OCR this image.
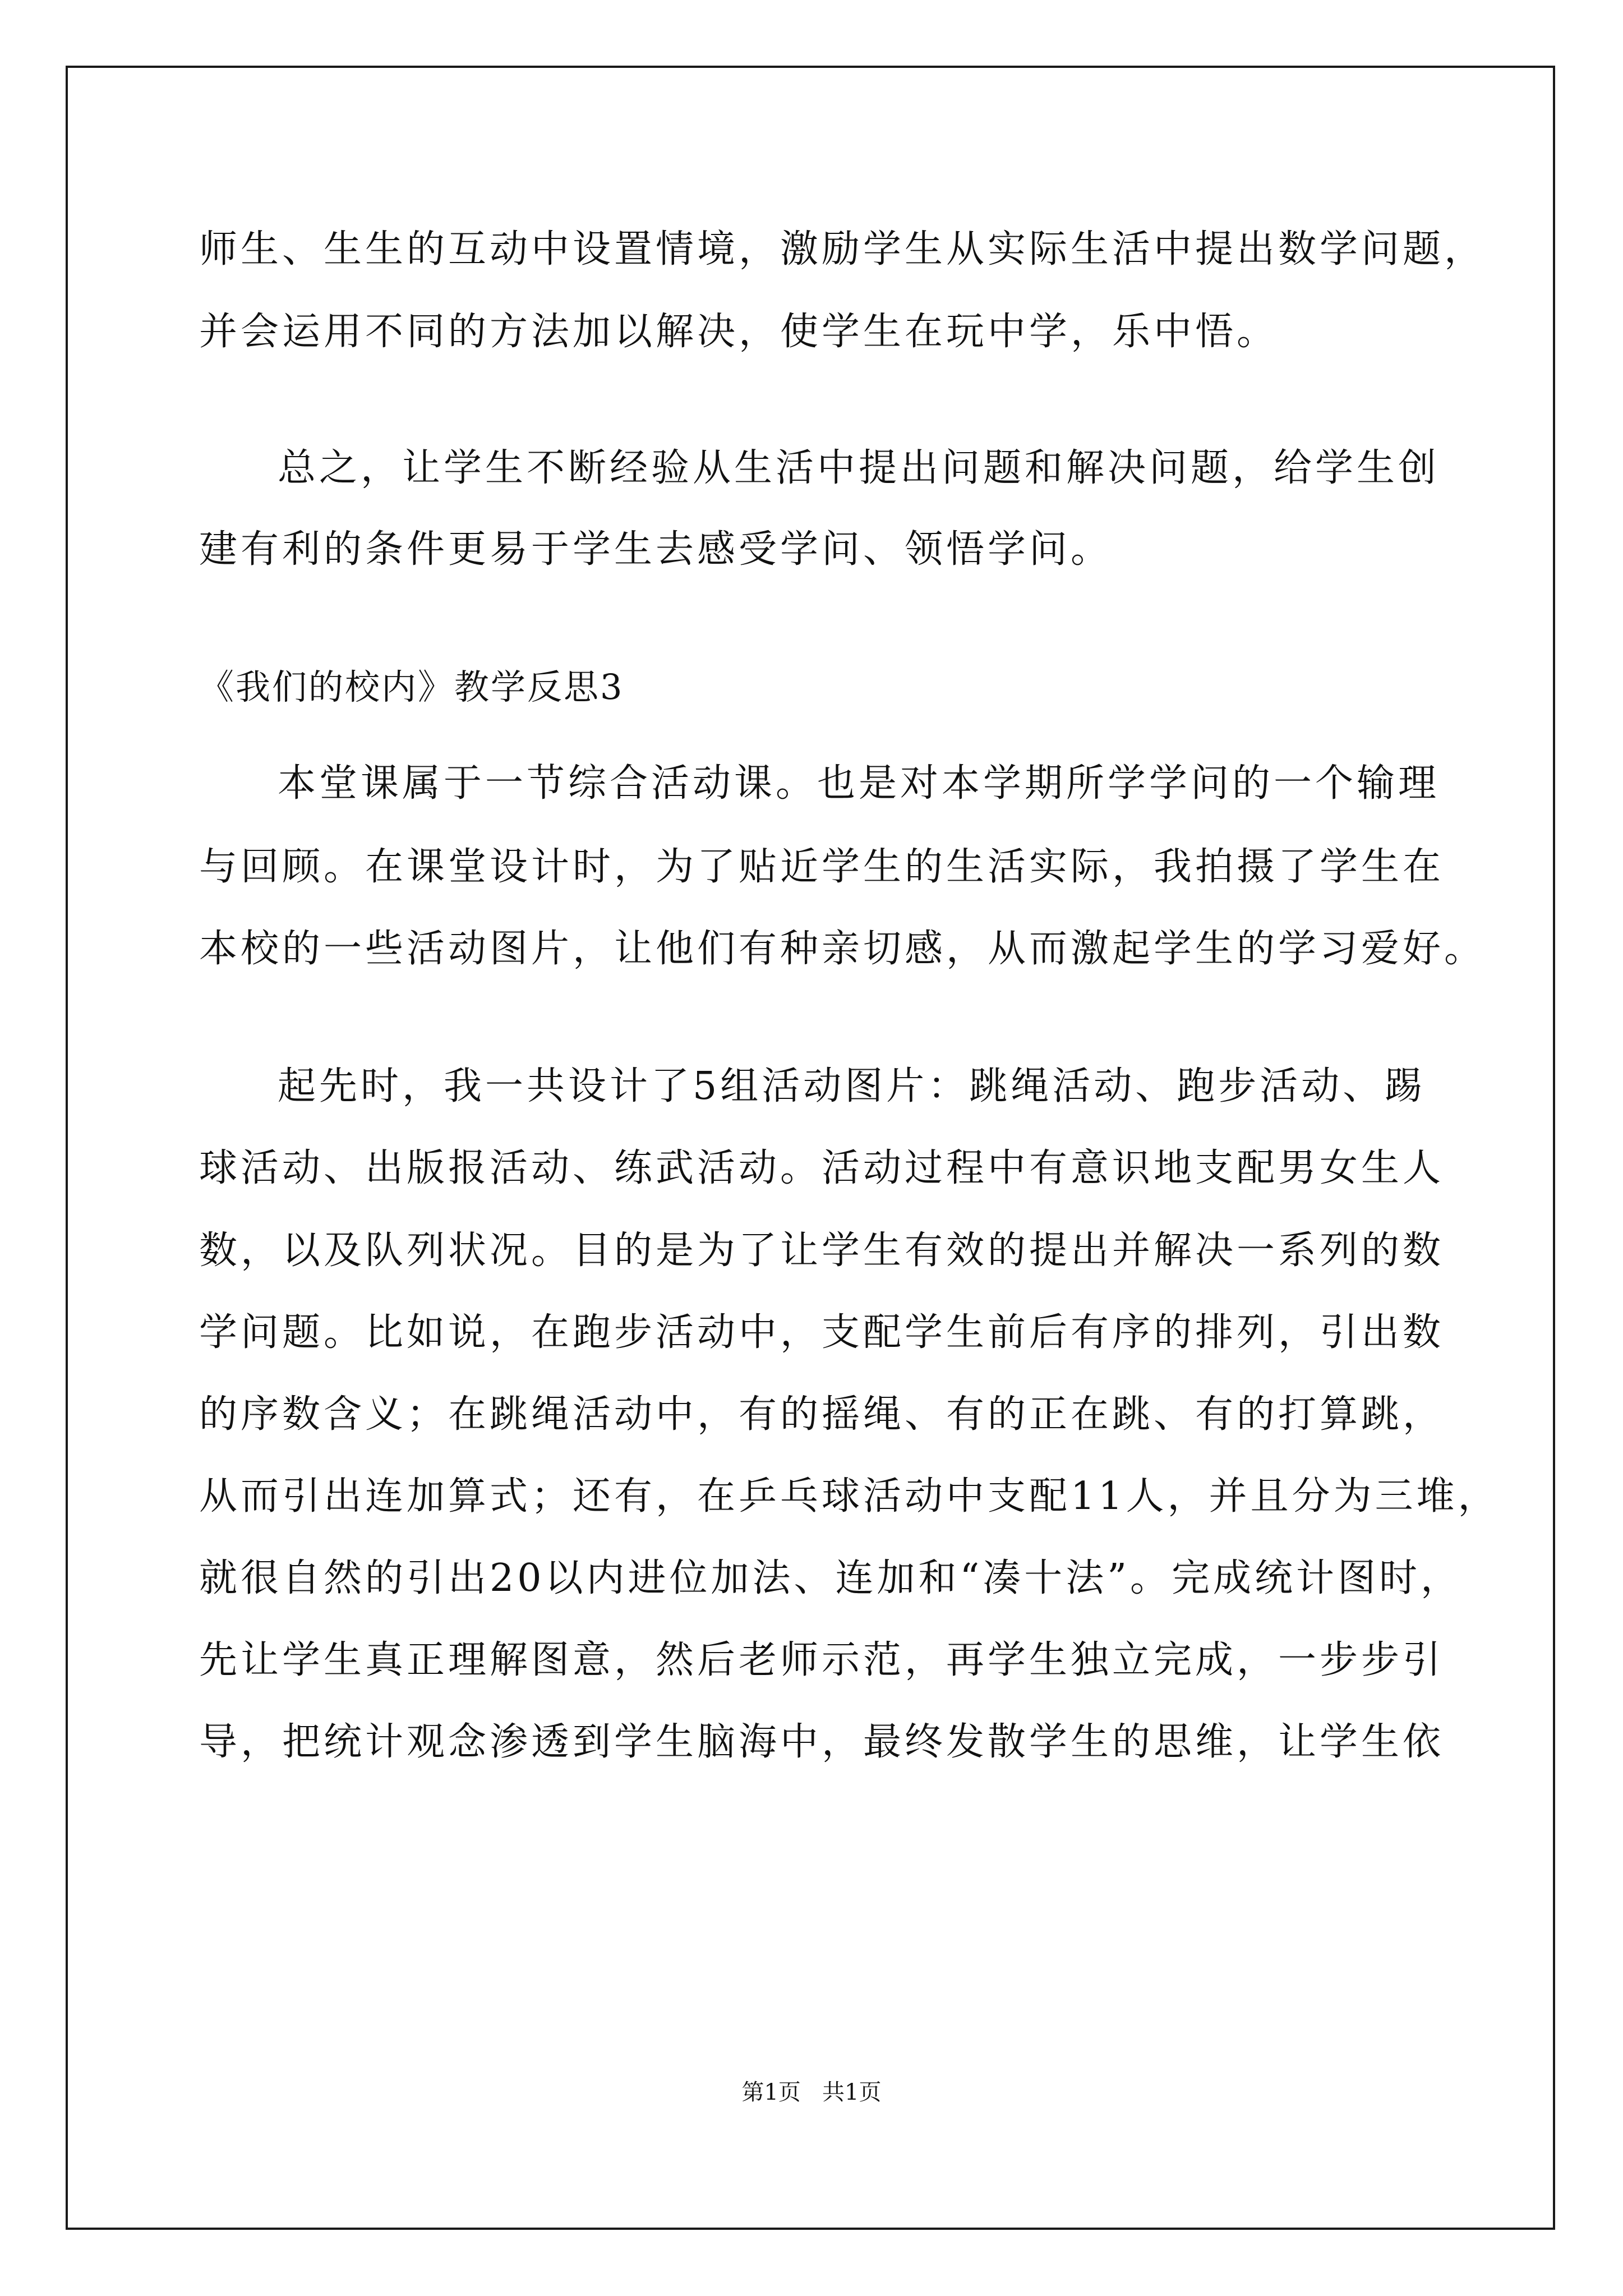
师生、生生的互动中设置情境，激励学生从实际生活中提出数学问题，
并会运用不同的方法加以解决，使学生在玩中学，乐中悟。
总之，让学生不断经验从生活中提出问题和解决问题，给学生创
建有利的条件更易于学生去感受学问、领悟学问。
《我们的校内》教学反思3
本堂课属于一节综合活动课。也是对本学期所学学问的一个输理
与回顾。在课堂设计时，为了贴近学生的生活实际，我拍摄了学生在
本校的一些活动图片，让他们有种亲切感，从而激起学生的学习爱好。
起先时，我一共设计了5组活动图片：跳绳活动、跑步活动、踢
球活动、出版报活动、练武活动。活动过程中有意识地支配男女生人
数，以及队列状况。目的是为了让学生有效的提出并解决一系列的数
学问题。比如说，在跑步活动中，支配学生前后有序的排列，引出数
的序数含义；在跳绳活动中，有的摇绳、有的正在跳、有的打算跳，
从而引出连加算式；还有，在乒乓球活动中支配11人，并且分为三堆，
就很自然的引出20以内进位加法、连加和“凑十法”。完成统计图时，
先让学生真正理解图意，然后老师示范，再学生独立完成，一步步引
导，把统计观念渗透到学生脑海中，最终发散学生的思维，让学生依
第1页   共1页
